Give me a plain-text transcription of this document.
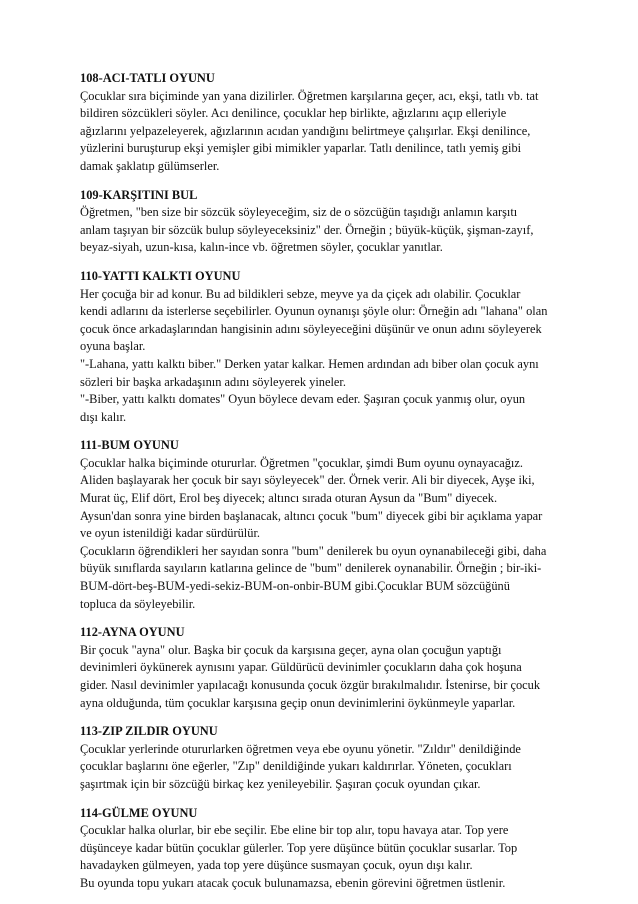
108-ACI-TATLI OYUNU
Çocuklar sıra biçiminde yan yana dizilirler. Öğretmen karşılarına geçer, acı, ekşi, tatlı vb. tat
bildiren sözcükleri söyler. Acı denilince, çocuklar hep birlikte, ağızlarını açıp elleriyle
ağızlarını yelpazeleyerek, ağızlarının acıdan yandığını belirtmeye çalışırlar. Ekşi denilince,
yüzlerini buruşturup ekşi yemişler gibi mimikler yaparlar. Tatlı denilince, tatlı yemiş gibi
damak şaklatıp gülümserler.
109-KARŞITINI BUL
Öğretmen, "ben size bir sözcük söyleyeceğim, siz de o sözcüğün taşıdığı anlamın karşıtı
anlam taşıyan bir sözcük bulup söyleyeceksiniz" der. Örneğin ; büyük-küçük, şişman-zayıf,
beyaz-siyah, uzun-kısa, kalın-ince vb. öğretmen söyler, çocuklar yanıtlar.
110-YATTI KALKTI OYUNU
Her çocuğa bir ad konur. Bu ad bildikleri sebze, meyve ya da çiçek adı olabilir. Çocuklar
kendi adlarını da isterlerse seçebilirler. Oyunun oynanışı şöyle olur: Örneğin adı "lahana" olan
çocuk önce arkadaşlarından hangisinin adını söyleyeceğini düşünür ve onun adını söyleyerek
oyuna başlar.
"-Lahana, yattı kalktı biber." Derken yatar kalkar. Hemen ardından adı biber olan çocuk aynı
sözleri bir başka arkadaşının adını söyleyerek yineler.
"-Biber, yattı kalktı domates" Oyun böylece devam eder. Şaşıran çocuk yanmış olur, oyun
dışı kalır.
111-BUM OYUNU
Çocuklar halka biçiminde otururlar. Öğretmen "çocuklar, şimdi Bum oyunu oynayacağız.
Aliden başlayarak her çocuk bir sayı söyleyecek" der. Örnek verir. Ali bir diyecek, Ayşe iki,
Murat üç, Elif dört, Erol beş diyecek; altıncı sırada oturan Aysun da "Bum" diyecek.
Aysun'dan sonra yine birden başlanacak, altıncı çocuk "bum" diyecek gibi bir açıklama yapar
ve oyun istenildiği kadar sürdürülür.
Çocukların öğrendikleri her sayıdan sonra "bum" denilerek bu oyun oynanabileceği gibi, daha
büyük sınıflarda sayıların katlarına gelince de "bum" denilerek oynanabilir. Örneğin ; bir-iki-
BUM-dört-beş-BUM-yedi-sekiz-BUM-on-onbir-BUM gibi.Çocuklar BUM sözcüğünü
topluca da söyleyebilir.
112-AYNA OYUNU
Bir çocuk "ayna" olur. Başka bir çocuk da karşısına geçer, ayna olan çocuğun yaptığı
devinimleri öykünerek aynısını yapar. Güldürücü devinimler çocukların daha çok hoşuna
gider. Nasıl devinimler yapılacağı konusunda çocuk özgür bırakılmalıdır. İstenirse, bir çocuk
ayna olduğunda, tüm çocuklar karşısına geçip onun devinimlerini öykünmeyle yaparlar.
113-ZIP ZILDIR OYUNU
Çocuklar yerlerinde otururlarken öğretmen veya ebe oyunu yönetir. "Zıldır" denildiğinde
çocuklar başlarını öne eğerler, "Zıp" denildiğinde yukarı kaldırırlar. Yöneten, çocukları
şaşırtmak için bir sözcüğü birkaç kez yenileyebilir. Şaşıran çocuk oyundan çıkar.
114-GÜLME OYUNU
Çocuklar halka olurlar, bir ebe seçilir. Ebe eline bir top alır, topu havaya atar. Top yere
düşünceye kadar bütün çocuklar gülerler. Top yere düşünce bütün çocuklar susarlar. Top
havadayken gülmeyen, yada top yere düşünce susmayan çocuk, oyun dışı kalır.
Bu oyunda topu yukarı atacak çocuk bulunamazsa, ebenin görevini öğretmen üstlenir.
